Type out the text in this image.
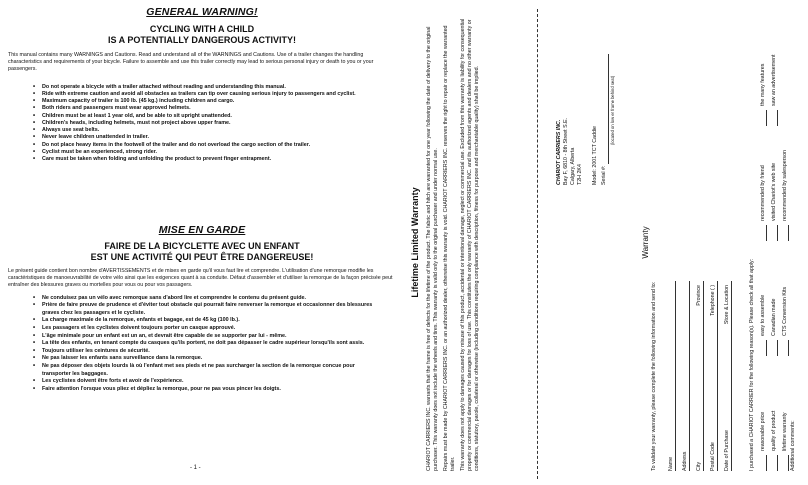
GENERAL WARNING!
CYCLING WITH A CHILD
IS A POTENTIALLY DANGEROUS ACTIVITY!

This manual contains many WARNINGS and Cautions. Read and understand all of the WARNINGS and Cautions. Use of a trailer changes the handling characteristics and requirements of your bicycle. Failure to assemble and use this trailer correctly may lead to serious personal injury or death to you or your passengers.

• Do not operate a bicycle with a trailer attached without reading and understanding this manual.
• Ride with extreme caution and avoid all obstacles as trailers can tip over causing serious injury to passengers and cyclist.
• Maximum capacity of trailer is 100 lb. (45 kg.) including children and cargo.
• Both riders and passengers must wear approved helmets.
• Children must be at least 1 year old, and be able to sit upright unattended.
• Children's heads, including helmets, must not project above upper frame.
• Always use seat belts.
• Never leave children unattended in trailer.
• Do not place heavy items in the footwell of the trailer and do not overload the cargo section of the trailer.
• Cyclist must be an experienced, strong rider.
• Care must be taken when folding and unfolding the product to prevent finger entrapment.
MISE EN GARDE
FAIRE DE LA BICYCLETTE AVEC UN ENFANT
EST UNE ACTIVITÉ QUI PEUT ÊTRE DANGEREUSE!

Le présent guide contient bon nombre d'AVERTISSEMENTS et de mises en garde qu'il vous faut lire et comprendre. L'utilisation d'une remorque modifie les caractéristiques de manoeuvrabilité de votre vélo ainsi que les exigences quant à sa conduite. Défaut d'assembler et d'utiliser la remorque de la façon précisée peut entraîner des blessures graves ou mortelles pour vous ou pour vos passagers.

• Ne conduisez pas un vélo avec remorque sans d'abord lire et comprendre le contenu du présent guide.
• Prière de faire preuve de prudence et d'éviter tout obstacle qui pourrait faire renverser la remorque et occasionner des blessures graves chez les passagers et le cycliste.
• La charge maximale de la remorque, enfants et bagage, est de 45 kg (100 lb.).
• Les passagers et les cyclistes doivent toujours porter un casque approuvé.
• L'âge minimale pour un enfant est un an, et devrait être capable de se supporter par lui - même.
• La tête des enfants, en tenant compte du casques qu'ils portent, ne doit pas dépasser le cadre supérieur lorsqu'ils sont assis.
• Toujours utiliser les ceintures de sécurité.
• Ne pas laisser les enfants sans surveillance dans la remorque.
• Ne pas déposer des objets lourds là où l'enfant met ses pieds et ne pas surcharger la section de la remorque concue pour transporter les baggages.
• Les cyclistes doivent être forts et avoir de l'expérience.
• Faire attention l'orsque vous pliez et dépliez la remorque, pour ne pas vous pincer les doigts.
- 1 -
Lifetime Limited Warranty CHARIOT CARRIERS INC. warrants that the frame is free of defects for the lifetime of the product. The fabric and hitch are warranted for one year following the date of delivery to the original purchaser. This warranty does not include the wheels and tires. This warranty is valid only to the original purchaser and under normal use. Repairs must be made by CHARIOT CARRIERS INC. or an authorized dealer, otherwise this warranty is void. CHARIOT CARRIERS INC. reserves the right to repair or replace the warranted trailer. This warranty does not apply to damages caused by misuse of this product, accidental or intentional damage, neglect or commercial use. Excluded from this warranty is liability for consequential property or commercial damages or for damages for loss of use. This constitutes the only warranty of CHARIOT CARRIERS INC. and its authorized agents and dealers and no other warranty or conditions, statutory, parole, collateral or otherwise (including conditions requiring compliance with description, fitness for purpose and merchantable quality) shall be implied.	CHARIOT CARRIERS INC. Bay F, 6810 - 8th Street S.E. Calgary, Alberta T2H 2K4 Model: 2001 TCT Caddie
Serial #:
(located on low er frame behind seat)
Warranty
To validate your warranty, please complete the following information and send to: Name Address City
Province
Postal Code
Telephone ( )
Date of Purchase
Store & Location	I purchased a CHARIOT CARRIER for the following reason(s). Please check all that apply: reasonable price
easy to assemble
recommended by friend
the many features
quality of product
Canadian made
visited Chariot's web site
saw an advertisement
lifetime warranty
CTS Conversion Kits
recommended by salesperson
Additional comments:
